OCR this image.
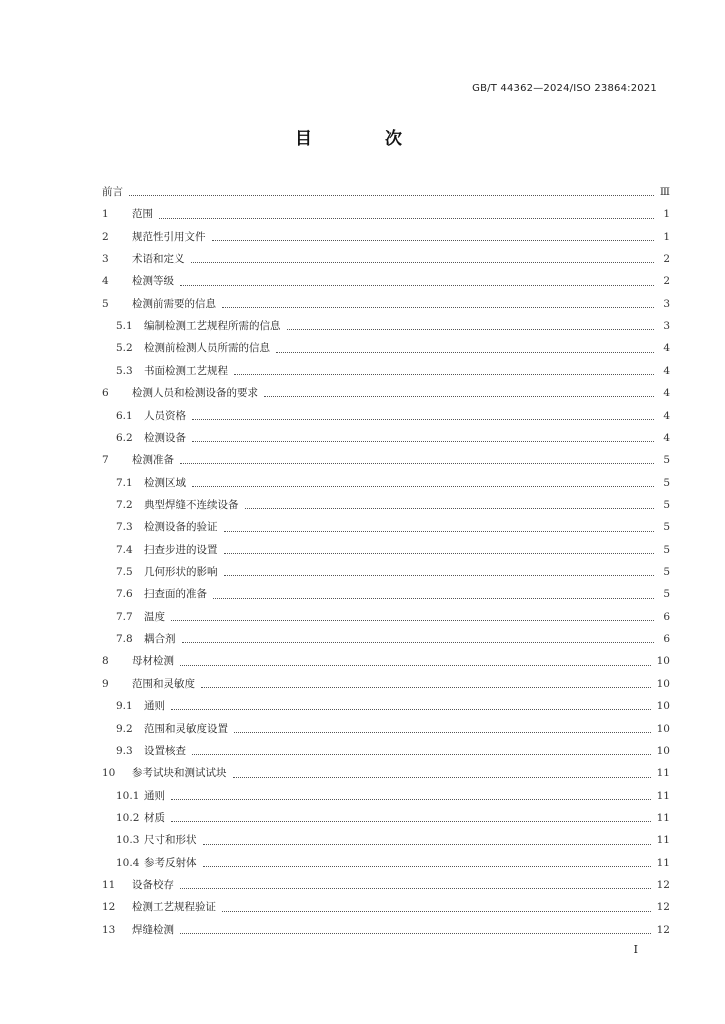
GB/T 44362—2024/ISO 23864:2021
目　次
前言	Ⅲ
1	范围	1
2	规范性引用文件	1
3	术语和定义	2
4	检测等级	2
5	检测前需要的信息	3
5.1	编制检测工艺规程所需的信息	3
5.2	检测前检测人员所需的信息	4
5.3	书面检测工艺规程	4
6	检测人员和检测设备的要求	4
6.1	人员资格	4
6.2	检测设备	4
7	检测准备	5
7.1	检测区域	5
7.2	典型焊缝不连续设备	5
7.3	检测设备的验证	5
7.4	扫查步进的设置	5
7.5	几何形状的影响	5
7.6	扫查面的准备	5
7.7	温度	6
7.8	耦合剂	6
8	母材检测	10
9	范围和灵敏度	10
9.1	通则	10
9.2	范围和灵敏度设置	10
9.3	设置核查	10
10	参考试块和测试试块	11
10.1 通则	11
10.2 材质	11
10.3 尺寸和形状	11
10.4 参考反射体	11
11	设备校存	12
12	检测工艺规程验证	12
13	焊缝检测	12
Ⅰ
